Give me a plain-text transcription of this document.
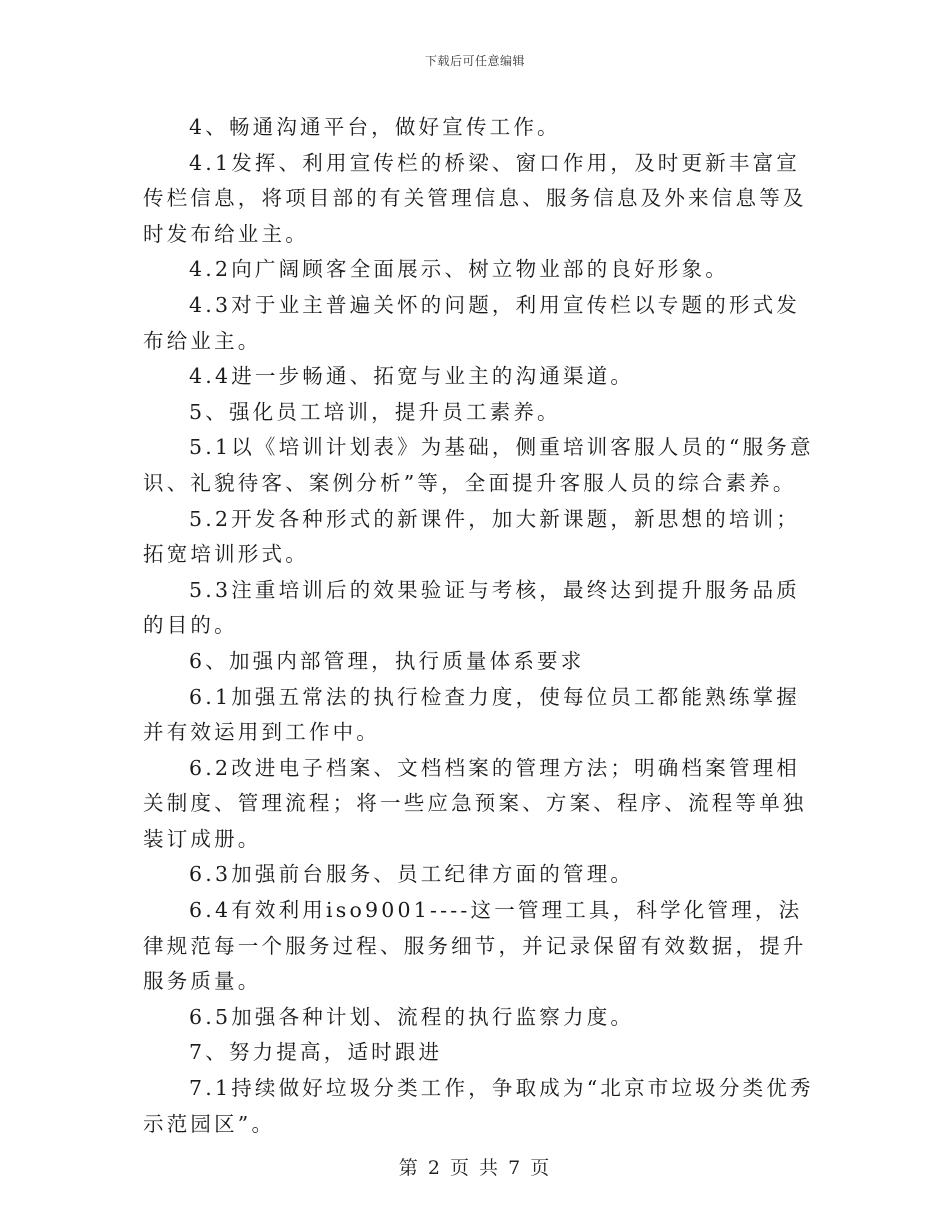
下载后可任意编辑

4、畅通沟通平台，做好宣传工作。

4.1发挥、利用宣传栏的桥梁、窗口作用，及时更新丰富宣传栏信息，将项目部的有关管理信息、服务信息及外来信息等及时发布给业主。

4.2向广阔顾客全面展示、树立物业部的良好形象。

4.3对于业主普遍关怀的问题，利用宣传栏以专题的形式发布给业主。

4.4进一步畅通、拓宽与业主的沟通渠道。

5、强化员工培训，提升员工素养。

5.1以《培训计划表》为基础，侧重培训客服人员的“服务意识、礼貌待客、案例分析”等，全面提升客服人员的综合素养。

5.2开发各种形式的新课件，加大新课题，新思想的培训；拓宽培训形式。

5.3注重培训后的效果验证与考核，最终达到提升服务品质的目的。

6、加强内部管理，执行质量体系要求

6.1加强五常法的执行检查力度，使每位员工都能熟练掌握并有效运用到工作中。

6.2改进电子档案、文档档案的管理方法；明确档案管理相关制度、管理流程；将一些应急预案、方案、程序、流程等单独装订成册。

6.3加强前台服务、员工纪律方面的管理。

6.4有效利用iso9001----这一管理工具，科学化管理，法律规范每一个服务过程、服务细节，并记录保留有效数据，提升服务质量。

6.5加强各种计划、流程的执行监察力度。

7、努力提高，适时跟进

7.1持续做好垃圾分类工作，争取成为“北京市垃圾分类优秀示范园区”。

第 2 页 共 7 页
